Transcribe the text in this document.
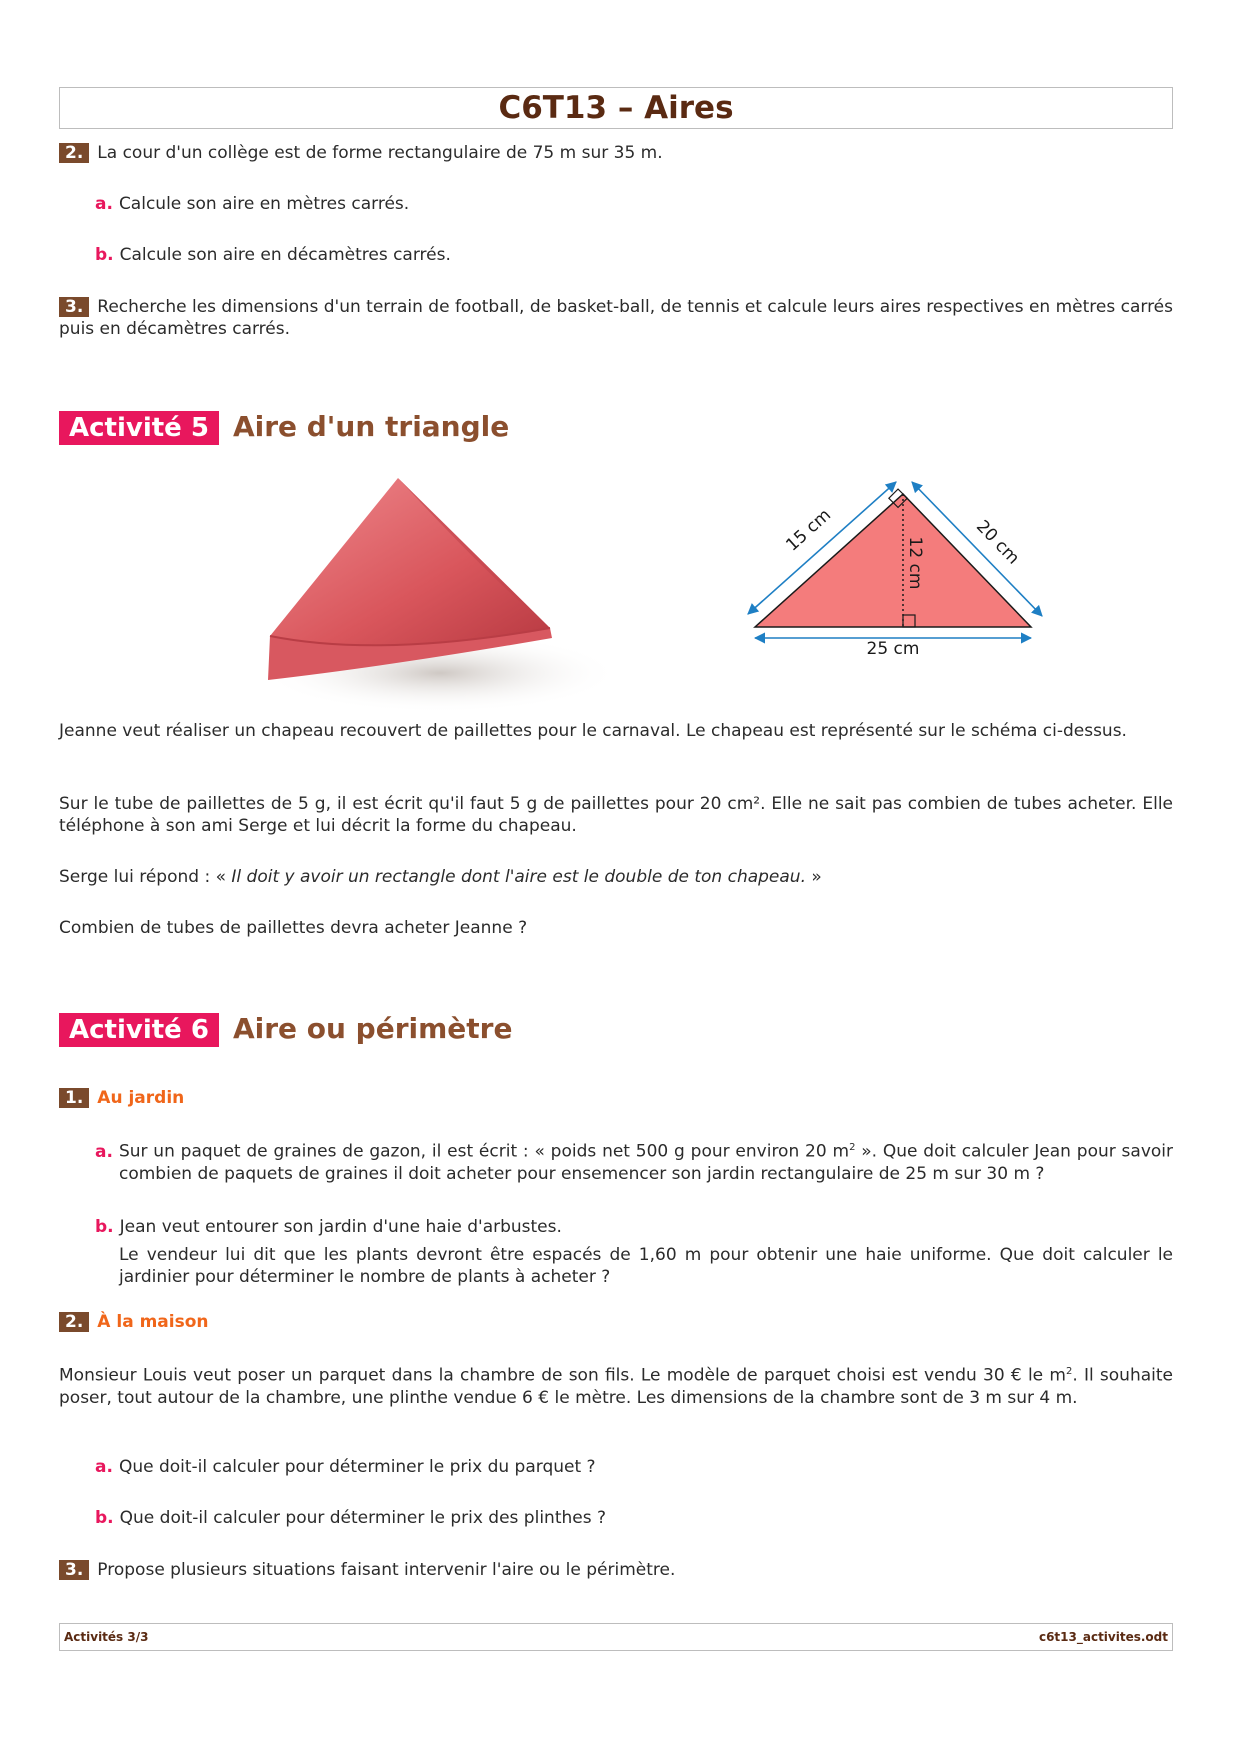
C6T13 – Aires
2. La cour d'un collège est de forme rectangulaire de 75 m sur 35 m.
a. Calcule son aire en mètres carrés.
b. Calcule son aire en décamètres carrés.
3. Recherche les dimensions d'un terrain de football, de basket-ball, de tennis et calcule leurs aires respectives en mètres carrés puis en décamètres carrés.
Activité 5 Aire d'un triangle
15 cm	20 cm
12 cm
25 cm
Jeanne veut réaliser un chapeau recouvert de paillettes pour le carnaval. Le chapeau est représenté sur le schéma ci-dessus.
Sur le tube de paillettes de 5 g, il est écrit qu'il faut 5 g de paillettes pour 20 cm². Elle ne sait pas combien de tubes acheter. Elle téléphone à son ami Serge et lui décrit la forme du chapeau.
Serge lui répond : « Il doit y avoir un rectangle dont l'aire est le double de ton chapeau. »
Combien de tubes de paillettes devra acheter Jeanne ?
Activité 6 Aire ou périmètre
1. Au jardin
a. Sur un paquet de graines de gazon, il est écrit : « poids net 500 g pour environ 20 $m^2$ ». Que doit calculer Jean pour savoir combien de paquets de graines il doit acheter pour ensemencer son jardin rectangulaire de 25 m sur 30 m ?
b. Jean veut entourer son jardin d'une haie d'arbustes.
Le vendeur lui dit que les plants devront être espacés de 1,60 m pour obtenir une haie uniforme. Que doit calculer le jardinier pour déterminer le nombre de plants à acheter ?
2. À la maison
Monsieur Louis veut poser un parquet dans la chambre de son fils. Le modèle de parquet choisi est vendu 30 € le $m^2$. Il souhaite poser, tout autour de la chambre, une plinthe vendue 6 € le mètre. Les dimensions de la chambre sont de 3 m sur 4 m.
a. Que doit-il calculer pour déterminer le prix du parquet ?
b. Que doit-il calculer pour déterminer le prix des plinthes ?
3. Propose plusieurs situations faisant intervenir l'aire ou le périmètre.
Activités 3/3	c6t13_activites.odt
